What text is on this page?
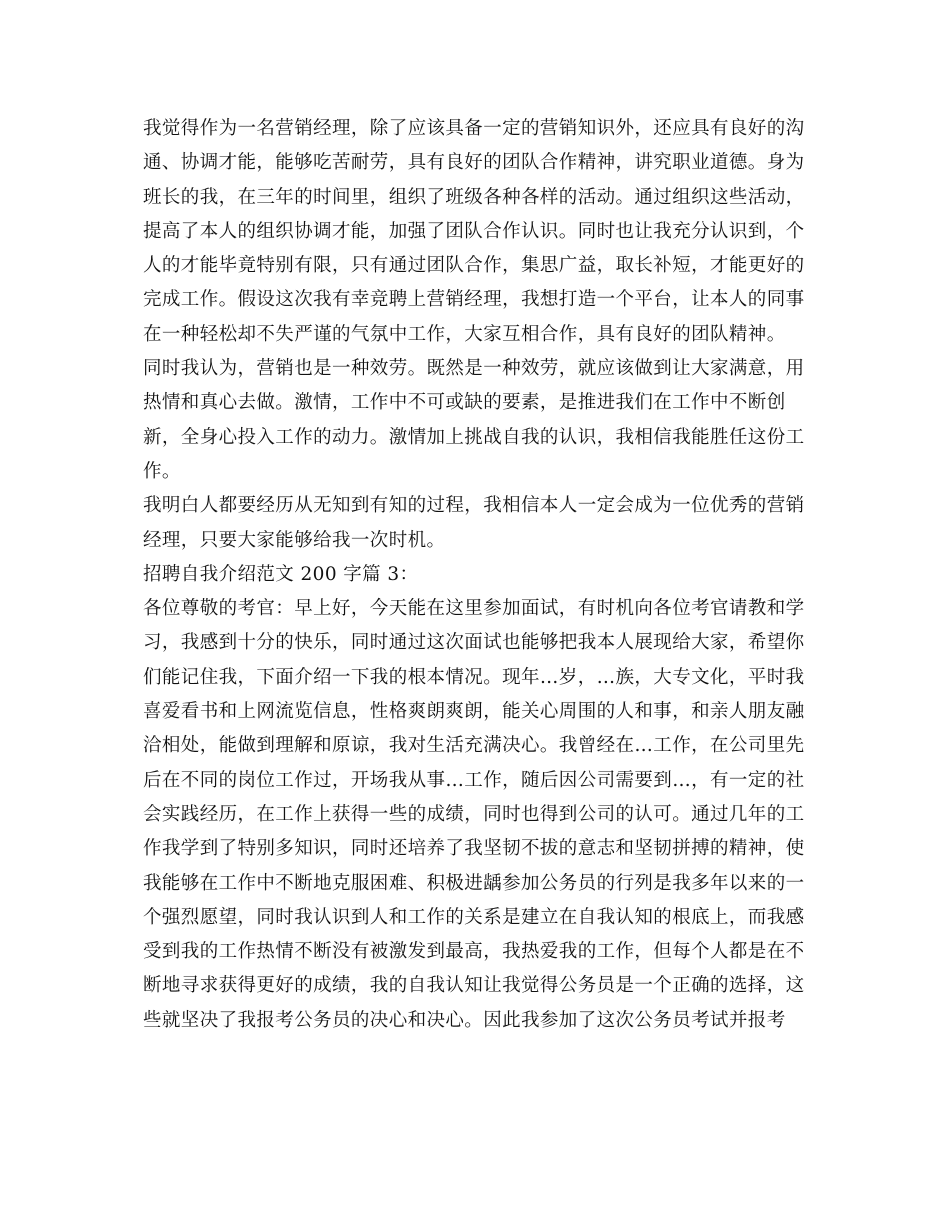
我觉得作为一名营销经理，除了应该具备一定的营销知识外，还应具有良好的沟
通、协调才能，能够吃苦耐劳，具有良好的团队合作精神，讲究职业道德。身为
班长的我，在三年的时间里，组织了班级各种各样的活动。通过组织这些活动，
提高了本人的组织协调才能，加强了团队合作认识。同时也让我充分认识到，个
人的才能毕竟特别有限，只有通过团队合作，集思广益，取长补短，才能更好的
完成工作。假设这次我有幸竞聘上营销经理，我想打造一个平台，让本人的同事
在一种轻松却不失严谨的气氛中工作，大家互相合作，具有良好的团队精神。
同时我认为，营销也是一种效劳。既然是一种效劳，就应该做到让大家满意，用
热情和真心去做。激情，工作中不可或缺的要素，是推进我们在工作中不断创
新，全身心投入工作的动力。激情加上挑战自我的认识，我相信我能胜任这份工
作。
我明白人都要经历从无知到有知的过程，我相信本人一定会成为一位优秀的营销
经理，只要大家能够给我一次时机。
招聘自我介绍范文 200 字篇 3：
各位尊敬的考官：早上好，今天能在这里参加面试，有时机向各位考官请教和学
习，我感到十分的快乐，同时通过这次面试也能够把我本人展现给大家，希望你
们能记住我，下面介绍一下我的根本情况。现年…岁，…族，大专文化，平时我
喜爱看书和上网流览信息，性格爽朗爽朗，能关心周围的人和事，和亲人朋友融
洽相处，能做到理解和原谅，我对生活充满决心。我曾经在…工作，在公司里先
后在不同的岗位工作过，开场我从事…工作，随后因公司需要到…，有一定的社
会实践经历，在工作上获得一些的成绩，同时也得到公司的认可。通过几年的工
作我学到了特别多知识，同时还培养了我坚韧不拔的意志和坚韧拼搏的精神，使
我能够在工作中不断地克服困难、积极进龋参加公务员的行列是我多年以来的一
个强烈愿望，同时我认识到人和工作的关系是建立在自我认知的根底上，而我感
受到我的工作热情不断没有被激发到最高，我热爱我的工作，但每个人都是在不
断地寻求获得更好的成绩，我的自我认知让我觉得公务员是一个正确的选择，这
些就坚决了我报考公务员的决心和决心。因此我参加了这次公务员考试并报考
